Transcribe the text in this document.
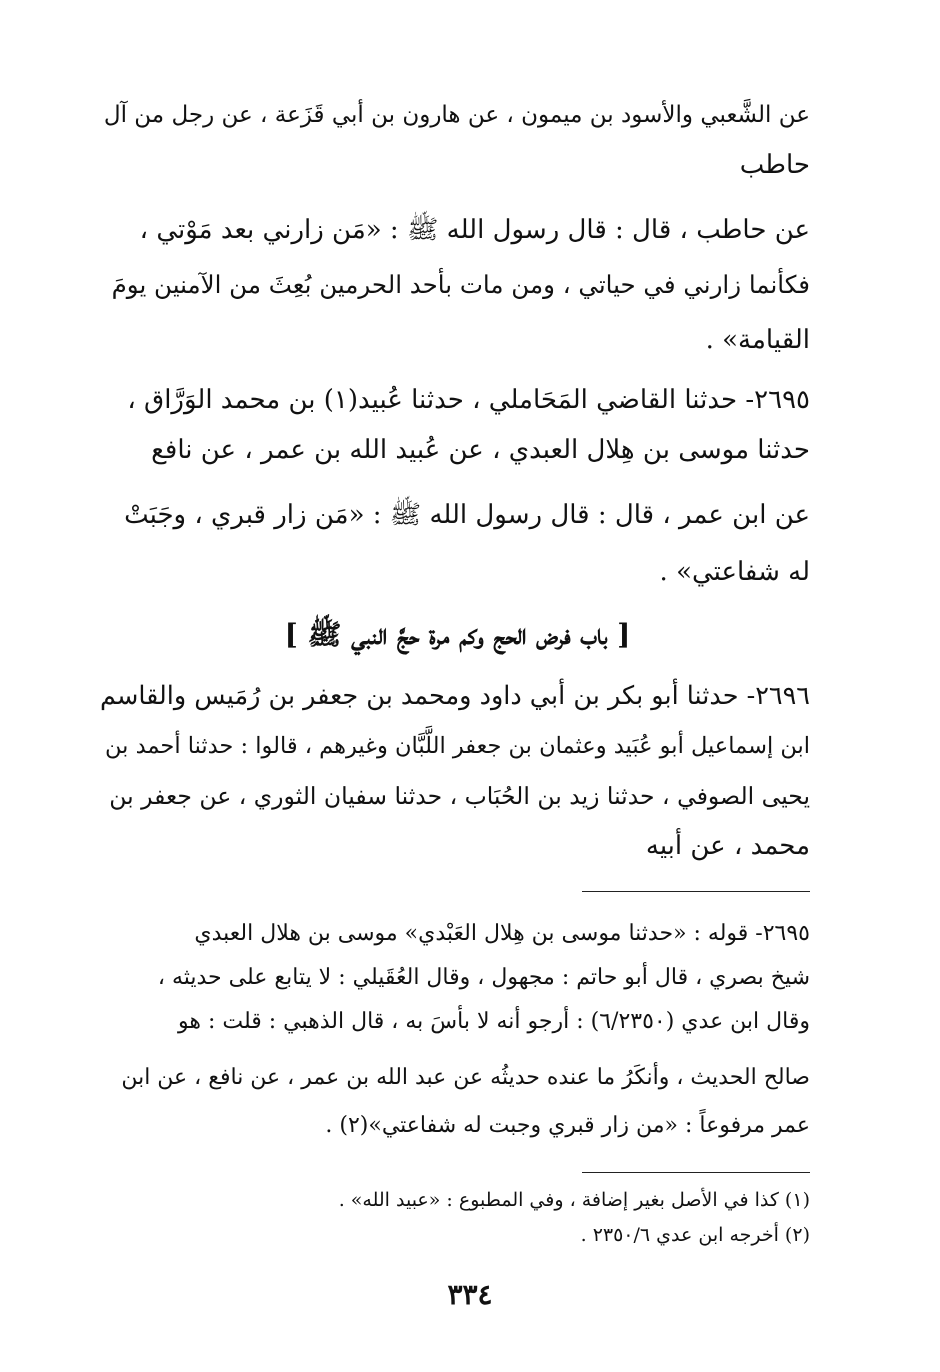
عن الشَّعبي والأسود بن ميمون ، عن هارون بن أبي قَزَعة ، عن رجل من آل
حاطب
عن حاطب ، قال : قال رسول الله ﷺ : «مَن زارني بعد مَوْتي ،
فكأنما زارني في حياتي ، ومن مات بأحد الحرمين بُعِثَ من الآمنين يومَ
القيامة» .
٢٦٩٥- حدثنا القاضي المَحَاملي ، حدثنا عُبيد(١) بن محمد الوَرَّاق ،
حدثنا موسى بن هِلال العبدي ، عن عُبيد الله بن عمر ، عن نافع
عن ابن عمر ، قال : قال رسول الله ﷺ : «مَن زار قبري ، وجَبَتْ
له شفاعتي» .
[ باب فرض الحج وكم مرة حجَّ النبي ﷺ ]
٢٦٩٦- حدثنا أبو بكر بن أبي داود ومحمد بن جعفر بن رُمَيس والقاسم
ابن إسماعيل أبو عُبَيد وعثمان بن جعفر اللَّبَّان وغيرهم ، قالوا : حدثنا أحمد بن
يحيى الصوفي ، حدثنا زيد بن الحُبَاب ، حدثنا سفيان الثوري ، عن جعفر بن
محمد ، عن أبيه
٢٦٩٥- قوله : «حدثنا موسى بن هِلال العَبْدي» موسى بن هلال العبدي
شيخ بصري ، قال أبو حاتم : مجهول ، وقال العُقَيلي : لا يتابع على حديثه ،
وقال ابن عدي (٦/٢٣٥٠) : أرجو أنه لا بأسَ به ، قال الذهبي : قلت : هو
صالح الحديث ، وأنكَرُ ما عنده حديثُه عن عبد الله بن عمر ، عن نافع ، عن ابن
عمر مرفوعاً : «من زار قبري وجبت له شفاعتي»(٢) .
(١) كذا في الأصل بغير إضافة ، وفي المطبوع : «عبيد الله» .
(٢) أخرجه ابن عدي ٢٣٥٠/٦ .
٣٣٤
